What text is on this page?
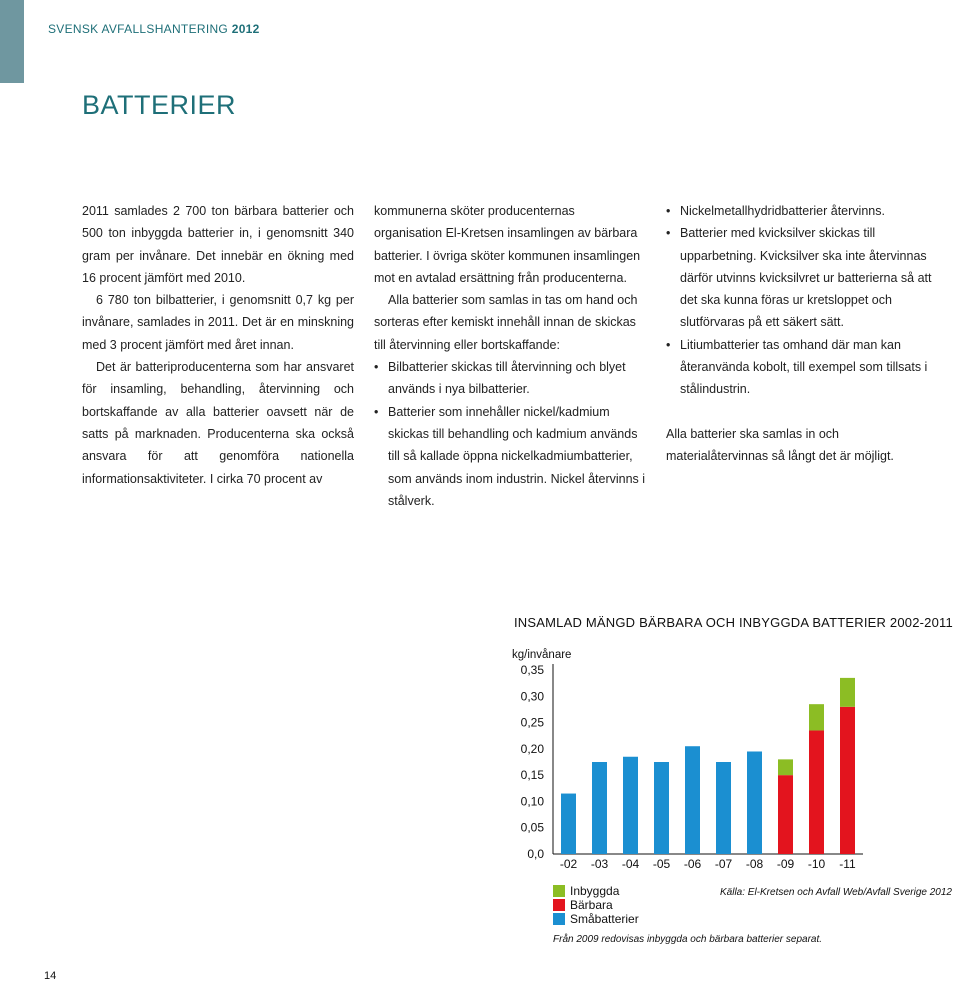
SVENSK AVFALLSHANTERING 2012
BATTERIER

2011 samlades 2 700 ton bärbara batterier och 500 ton inbyggda batterier in, i genomsnitt 340 gram per invånare. Det innebär en ökning med 16 procent jämfört med 2010.

6 780 ton bilbatterier, i genomsnitt 0,7 kg per invånare, samlades in 2011. Det är en minskning med 3 procent jämfört med året innan.

Det är batteriproducenterna som har ansvaret för insamling, behandling, återvinning och bortskaffande av alla batterier oavsett när de satts på marknaden. Producenterna ska också ansvara för att genomföra nationella informationsaktiviteter. I cirka 70 procent av

kommunerna sköter producenternas organisation El-Kretsen insamlingen av bärbara batterier. I övriga sköter kommunen insamlingen mot en avtalad ersättning från producenterna.

Alla batterier som samlas in tas om hand och sorteras efter kemiskt innehåll innan de skickas till återvinning eller bortskaffande:

• Bilbatterier skickas till återvinning och blyet används i nya bilbatterier.
• Batterier som innehåller nickel/kadmium skickas till behandling och kadmium används till så kallade öppna nickelkadmiumbatterier, som används inom industrin. Nickel återvinns i stålverk.
• Nickelmetallhydridbatterier återvinns.
• Batterier med kvicksilver skickas till upparbetning. Kvicksilver ska inte återvinnas därför utvinns kvicksilvret ur batterierna så att det ska kunna föras ur kretsloppet och slutförvaras på ett säkert sätt.
• Litiumbatterier tas omhand där man kan återanvända kobolt, till exempel som tillsats i stålindustrin.

Alla batterier ska samlas in och materialåtervinnas så långt det är möjligt.

INSAMLAD MÄNGD BÄRBARA OCH INBYGGDA BATTERIER 2002-2011
kg/invånare
0,0
0,05
0,10
0,15
0,20
0,25
0,30
0,35
-02 -03 -04 -05 -06 -07 -08 -09 -10 -11
Inbyggda
Bärbara
Småbatterier
Källa: El-Kretsen och Avfall Web/Avfall Sverige 2012
Från 2009 redovisas inbyggda och bärbara batterier separat.
14
